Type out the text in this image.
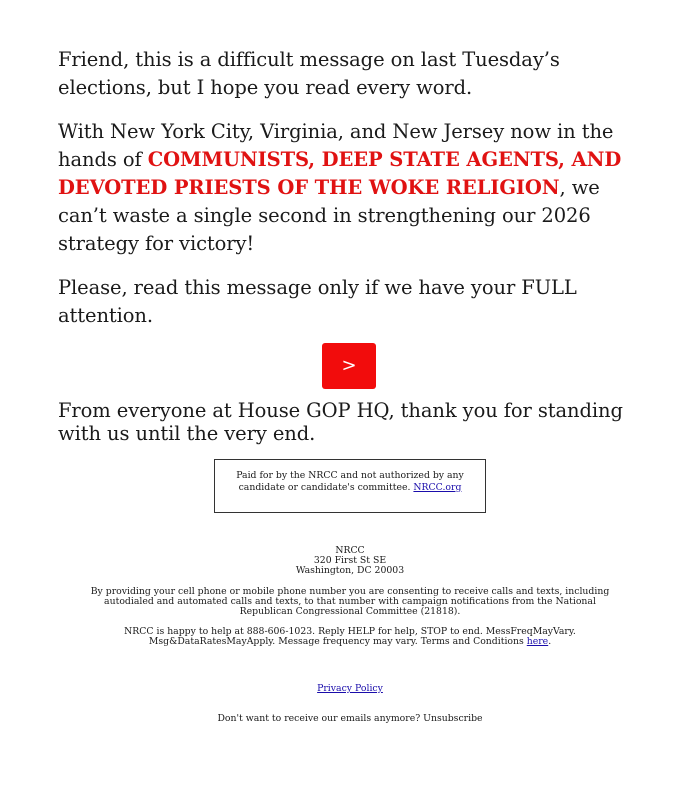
Friend, this is a difficult message on last Tuesday’s elections, but I hope you read every word.

With New York City, Virginia, and New Jersey now in the hands of COMMUNISTS, DEEP STATE AGENTS, AND DEVOTED PRIESTS OF THE WOKE RELIGION, we can’t waste a single second in strengthening our 2026 strategy for victory!

Please, read this message only if we have your FULL attention.

>

From everyone at House GOP HQ, thank you for standing with us until the very end.

Paid for by the NRCC and not authorized by any candidate or candidate's committee. NRCC.org
NRCC
320 First St SE
Washington, DC 20003
By providing your cell phone or mobile phone number you are consenting to receive calls and texts, including autodialed and automated calls and texts, to that number with campaign notifications from the National Republican Congressional Committee (21818).
NRCC is happy to help at 888-606-1023. Reply HELP for help, STOP to end. MessFreqMayVary. Msg&DataRatesMayApply. Message frequency may vary. Terms and Conditions here.
Privacy Policy
Don't want to receive our emails anymore? Unsubscribe
